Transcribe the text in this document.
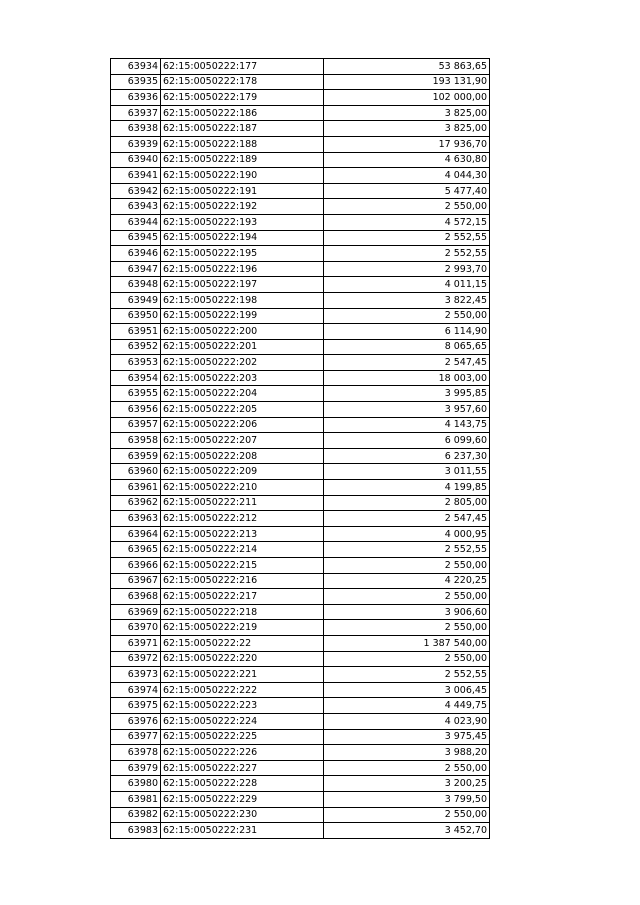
63934	62:15:0050222:177	53 863,65
63935	62:15:0050222:178	193 131,90
63936	62:15:0050222:179	102 000,00
63937	62:15:0050222:186	3 825,00
63938	62:15:0050222:187	3 825,00
63939	62:15:0050222:188	17 936,70
63940	62:15:0050222:189	4 630,80
63941	62:15:0050222:190	4 044,30
63942	62:15:0050222:191	5 477,40
63943	62:15:0050222:192	2 550,00
63944	62:15:0050222:193	4 572,15
63945	62:15:0050222:194	2 552,55
63946	62:15:0050222:195	2 552,55
63947	62:15:0050222:196	2 993,70
63948	62:15:0050222:197	4 011,15
63949	62:15:0050222:198	3 822,45
63950	62:15:0050222:199	2 550,00
63951	62:15:0050222:200	6 114,90
63952	62:15:0050222:201	8 065,65
63953	62:15:0050222:202	2 547,45
63954	62:15:0050222:203	18 003,00
63955	62:15:0050222:204	3 995,85
63956	62:15:0050222:205	3 957,60
63957	62:15:0050222:206	4 143,75
63958	62:15:0050222:207	6 099,60
63959	62:15:0050222:208	6 237,30
63960	62:15:0050222:209	3 011,55
63961	62:15:0050222:210	4 199,85
63962	62:15:0050222:211	2 805,00
63963	62:15:0050222:212	2 547,45
63964	62:15:0050222:213	4 000,95
63965	62:15:0050222:214	2 552,55
63966	62:15:0050222:215	2 550,00
63967	62:15:0050222:216	4 220,25
63968	62:15:0050222:217	2 550,00
63969	62:15:0050222:218	3 906,60
63970	62:15:0050222:219	2 550,00
63971	62:15:0050222:22	1 387 540,00
63972	62:15:0050222:220	2 550,00
63973	62:15:0050222:221	2 552,55
63974	62:15:0050222:222	3 006,45
63975	62:15:0050222:223	4 449,75
63976	62:15:0050222:224	4 023,90
63977	62:15:0050222:225	3 975,45
63978	62:15:0050222:226	3 988,20
63979	62:15:0050222:227	2 550,00
63980	62:15:0050222:228	3 200,25
63981	62:15:0050222:229	3 799,50
63982	62:15:0050222:230	2 550,00
63983	62:15:0050222:231	3 452,70
